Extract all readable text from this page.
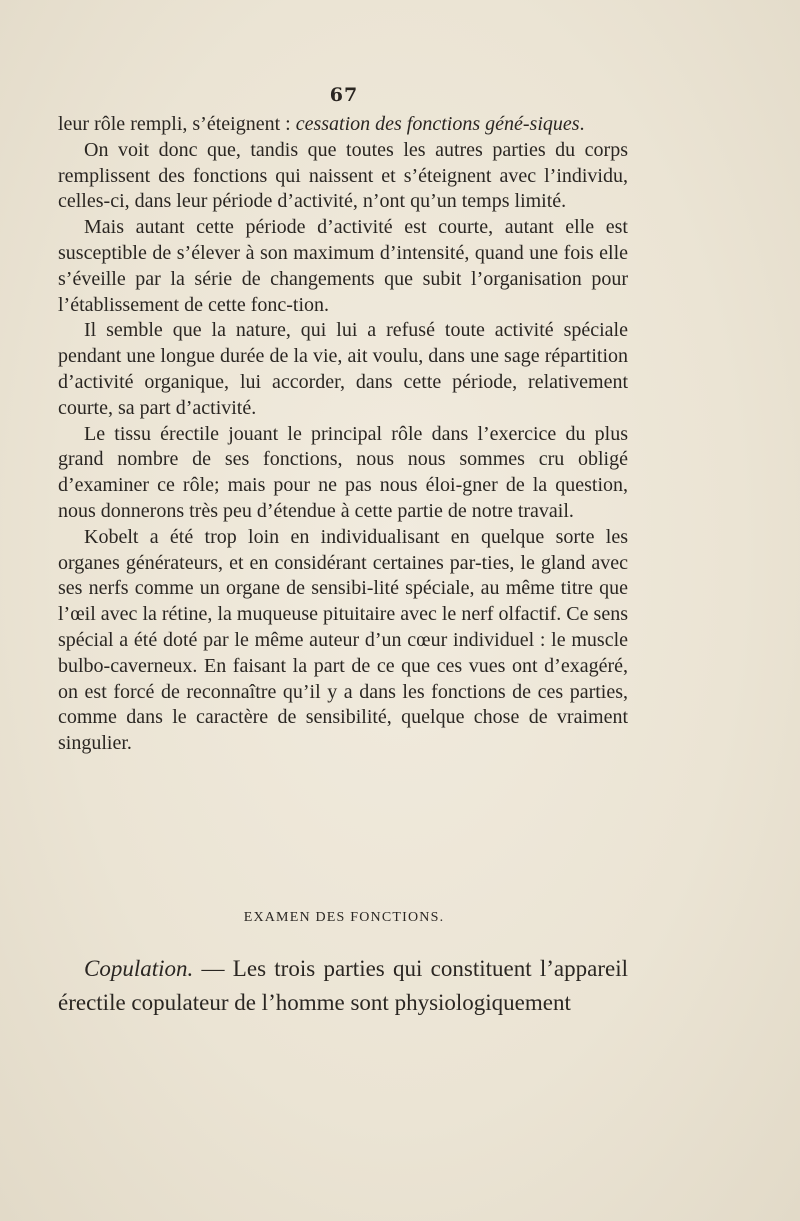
67

leur rôle rempli, s’éteignent : cessation des fonctions géné-siques.

On voit donc que, tandis que toutes les autres parties du corps remplissent des fonctions qui naissent et s’éteignent avec l’individu, celles-ci, dans leur période d’activité, n’ont qu’un temps limité.

Mais autant cette période d’activité est courte, autant elle est susceptible de s’élever à son maximum d’intensité, quand une fois elle s’éveille par la série de changements que subit l’organisation pour l’établissement de cette fonc-tion.

Il semble que la nature, qui lui a refusé toute activité spéciale pendant une longue durée de la vie, ait voulu, dans une sage répartition d’activité organique, lui accorder, dans cette période, relativement courte, sa part d’activité.

Le tissu érectile jouant le principal rôle dans l’exercice du plus grand nombre de ses fonctions, nous nous sommes cru obligé d’examiner ce rôle; mais pour ne pas nous éloi-gner de la question, nous donnerons très peu d’étendue à cette partie de notre travail.

Kobelt a été trop loin en individualisant en quelque sorte les organes générateurs, et en considérant certaines par-ties, le gland avec ses nerfs comme un organe de sensibi-lité spéciale, au même titre que l’œil avec la rétine, la muqueuse pituitaire avec le nerf olfactif. Ce sens spécial a été doté par le même auteur d’un cœur individuel : le muscle bulbo-caverneux. En faisant la part de ce que ces vues ont d’exagéré, on est forcé de reconnaître qu’il y a dans les fonctions de ces parties, comme dans le caractère de sensibilité, quelque chose de vraiment singulier.

EXAMEN DES FONCTIONS.

Copulation. — Les trois parties qui constituent l’appareil érectile copulateur de l’homme sont physiologiquement
